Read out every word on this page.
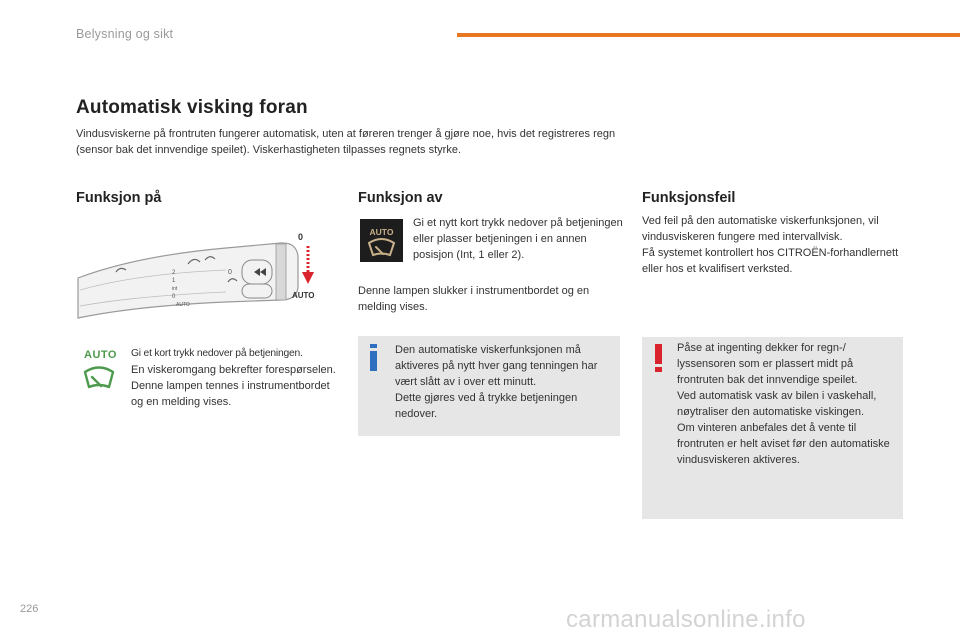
Belysning og sikt
Automatisk visking foran

Vindusviskerne på frontruten fungerer automatisk, uten at føreren trenger å gjøre noe, hvis det registreres regn (sensor bak det innvendige speilet). Viskerhastigheten tilpasses regnets styrke.

Funksjon på	Funksjon av	Funksjonsfeil
2
1
int
0
AUTO
0
0
AUTO
AUTO Gi et kort trykk nedover på betjeningen.
En viskeromgang bekrefter forespørselen.
Denne lampen tennes i instrumentbordet og en melding vises.
AUTO

Gi et nytt kort trykk nedover på betjeningen eller plasser betjeningen i en annen posisjon (Int, 1 eller 2).

Denne lampen slukker i instrumentbordet og en melding vises.

Den automatiske viskerfunksjonen må aktiveres på nytt hver gang tenningen har vært slått av i over ett minutt.
Dette gjøres ved å trykke betjeningen nedover.

Ved feil på den automatiske viskerfunksjonen, vil vindusviskeren fungere med intervallvisk.
Få systemet kontrollert hos CITROËN-forhandlernett eller hos et kvalifisert verksted.

Påse at ingenting dekker for regn-/ lyssensoren som er plassert midt på frontruten bak det innvendige speilet.
Ved automatisk vask av bilen i vaskehall, nøytraliser den automatiske viskingen.
Om vinteren anbefales det å vente til frontruten er helt aviset før den automatiske vindusviskeren aktiveres.

226	carmanualsonline.info
